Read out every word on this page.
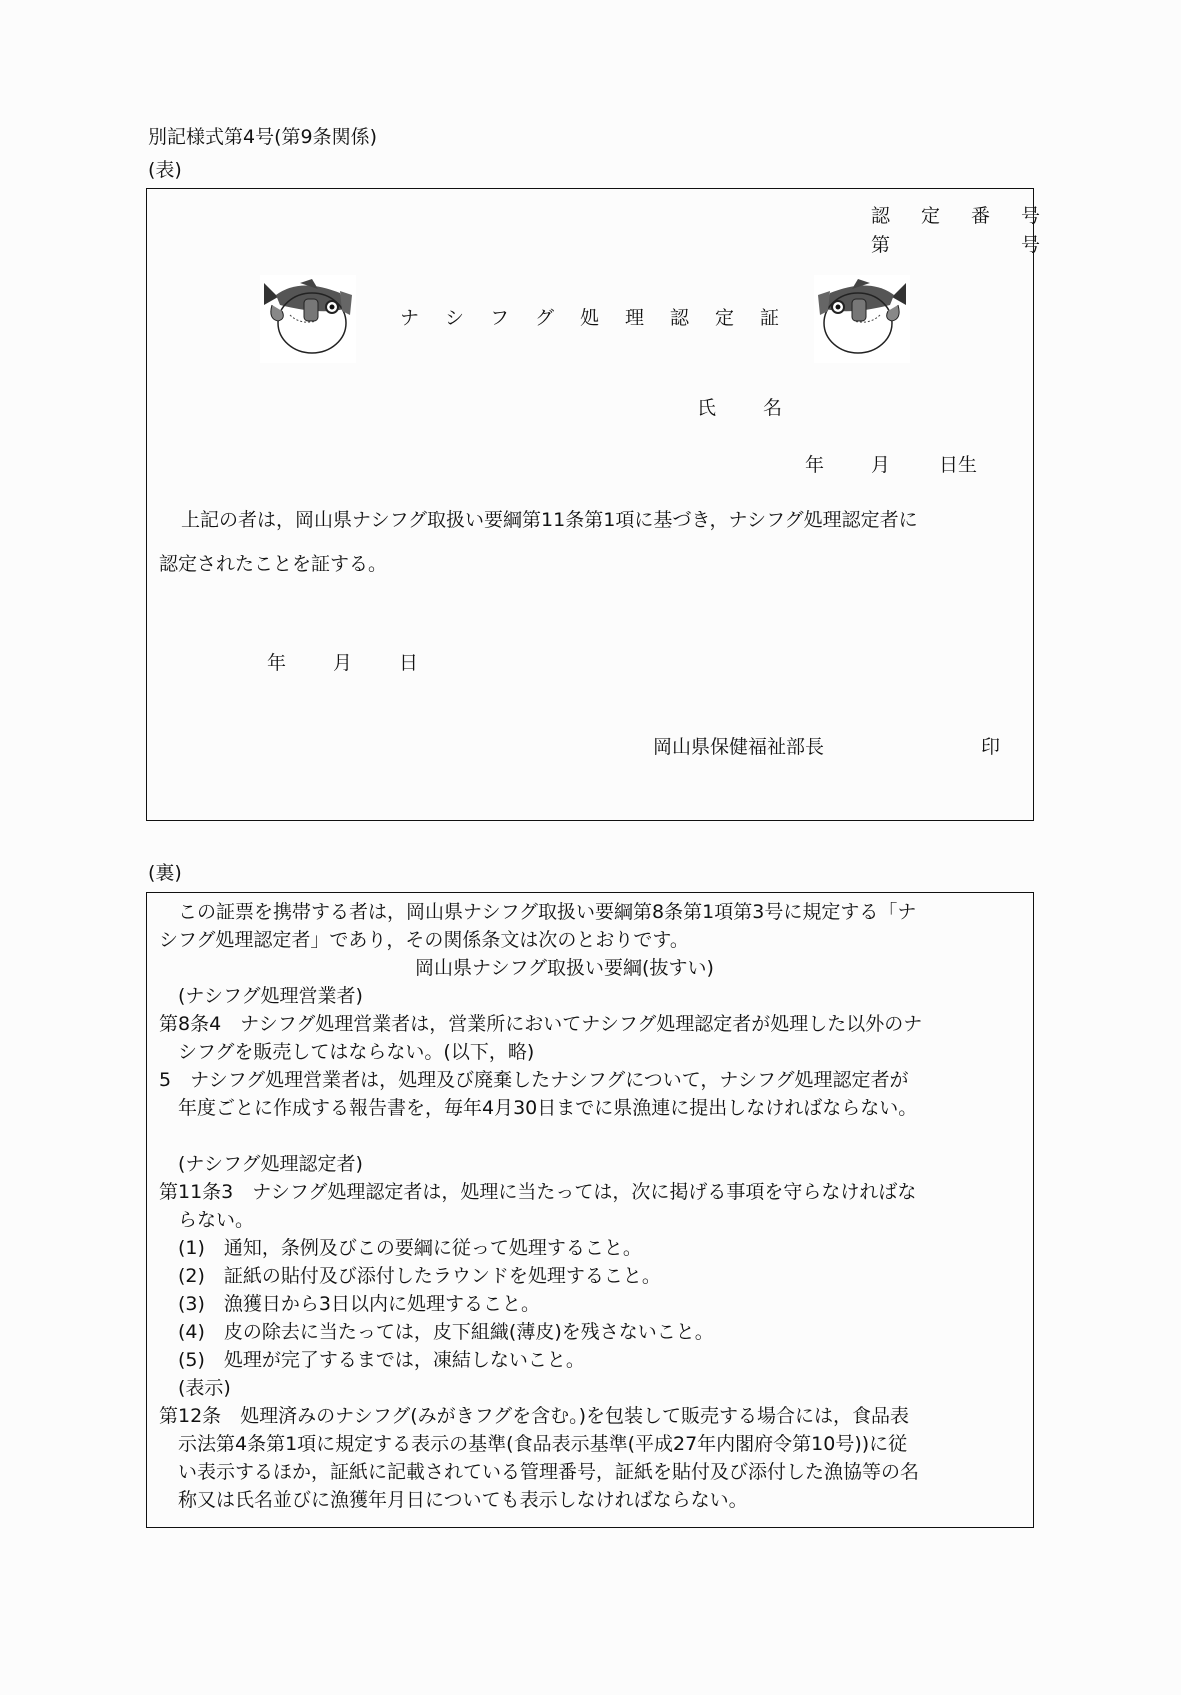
別記様式第4号(第9条関係)
(表)
認 定 番 号
第	号
ナ シ フ グ 処 理 認 定 証
氏 名
年 月	日生
上記の者は，岡山県ナシフグ取扱い要綱第11条第1項に基づき，ナシフグ処理認定者に
認定されたことを証する。
年 月 日
岡山県保健福祉部長	印
(裏)
　この証票を携帯する者は，岡山県ナシフグ取扱い要綱第8条第1項第3号に規定する「ナ
シフグ処理認定者」であり，その関係条文は次のとおりです。
岡山県ナシフグ取扱い要綱(抜すい)
　(ナシフグ処理営業者)
第8条4　ナシフグ処理営業者は，営業所においてナシフグ処理認定者が処理した以外のナ
　シフグを販売してはならない。(以下，略)
5　ナシフグ処理営業者は，処理及び廃棄したナシフグについて，ナシフグ処理認定者が
　年度ごとに作成する報告書を，毎年4月30日までに県漁連に提出しなければならない。
　(ナシフグ処理認定者)
第11条3　ナシフグ処理認定者は，処理に当たっては，次に掲げる事項を守らなければな
　らない。
　(1)　通知，条例及びこの要綱に従って処理すること。
　(2)　証紙の貼付及び添付したラウンドを処理すること。
　(3)　漁獲日から3日以内に処理すること。
　(4)　皮の除去に当たっては，皮下組織(薄皮)を残さないこと。
　(5)　処理が完了するまでは，凍結しないこと。
　(表示)
第12条　処理済みのナシフグ(みがきフグを含む。)を包装して販売する場合には，食品表
　示法第4条第1項に規定する表示の基準(食品表示基準(平成27年内閣府令第10号))に従
　い表示するほか，証紙に記載されている管理番号，証紙を貼付及び添付した漁協等の名
　称又は氏名並びに漁獲年月日についても表示しなければならない。
